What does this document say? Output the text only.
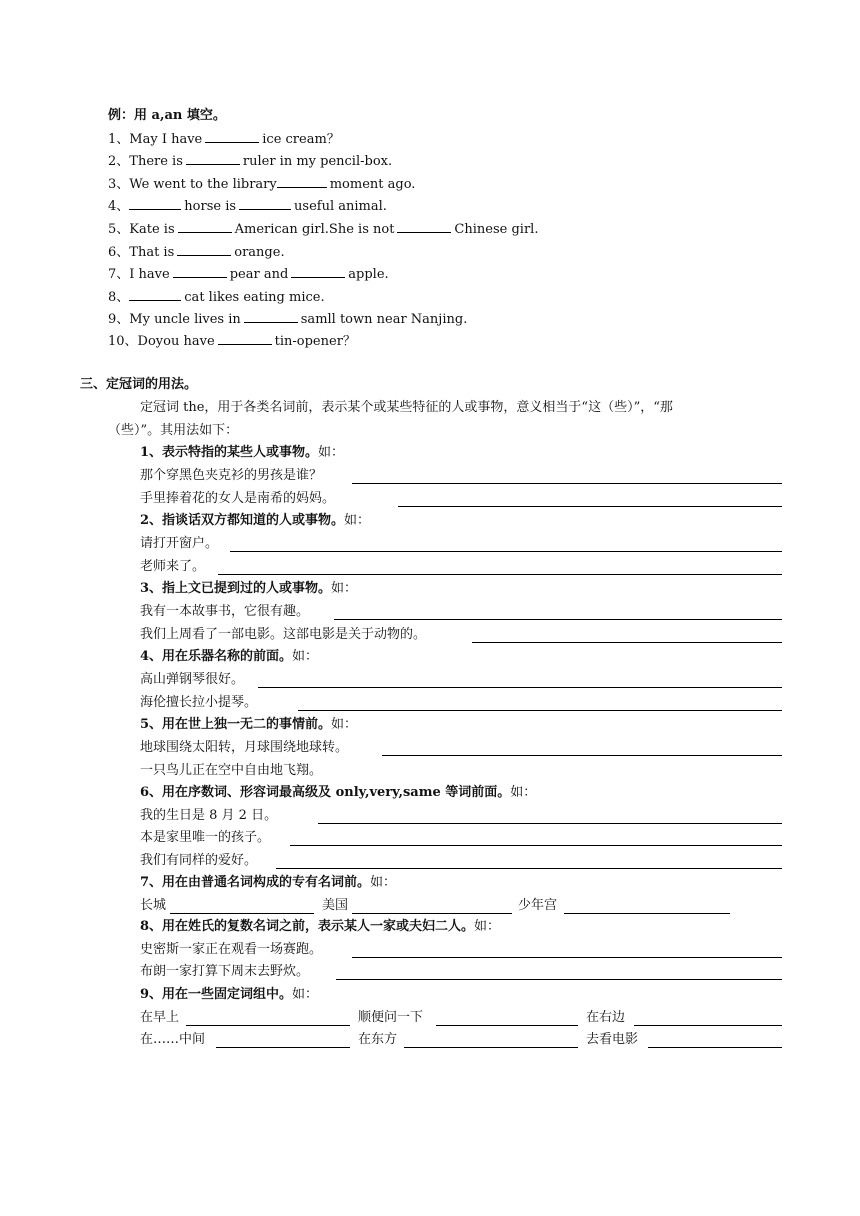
例：用 a,an 填空。
1、May I have	ice cream？
2、There is	ruler in my pencil-box.
3、We went to the library	moment ago.
4、	horse is	useful animal.
5、Kate is	American girl.She is not	Chinese girl.
6、That is	orange.
7、I have	pear and	apple.
8、	cat likes eating mice.
9、My uncle lives in	samll town near Nanjing.
10、Doyou have	tin-opener？
三、定冠词的用法。
定冠词 the，用于各类名词前，表示某个或某些特征的人或事物，意义相当于“这（些）”，“那
（些）”。其用法如下：
1、表示特指的某些人或事物。如：
那个穿黑色夹克衫的男孩是谁？
手里捧着花的女人是南希的妈妈。
2、指谈话双方都知道的人或事物。如：
请打开窗户。
老师来了。
3、指上文已提到过的人或事物。如：
我有一本故事书，它很有趣。
我们上周看了一部电影。这部电影是关于动物的。
4、用在乐器名称的前面。如：
高山弹钢琴很好。
海伦擅长拉小提琴。
5、用在世上独一无二的事情前。如：
地球围绕太阳转，月球围绕地球转。
一只鸟儿正在空中自由地飞翔。
6、用在序数词、形容词最高级及 only,very,same 等词前面。如：
我的生日是 8 月 2 日。
本是家里唯一的孩子。
我们有同样的爱好。
7、用在由普通名词构成的专有名词前。如：
长城	美国	少年宫
8、用在姓氏的复数名词之前，表示某人一家或夫妇二人。如：
史密斯一家正在观看一场赛跑。
布朗一家打算下周末去野炊。
9、用在一些固定词组中。如：
在早上	顺便问一下	在右边
在……中间	在东方	去看电影
